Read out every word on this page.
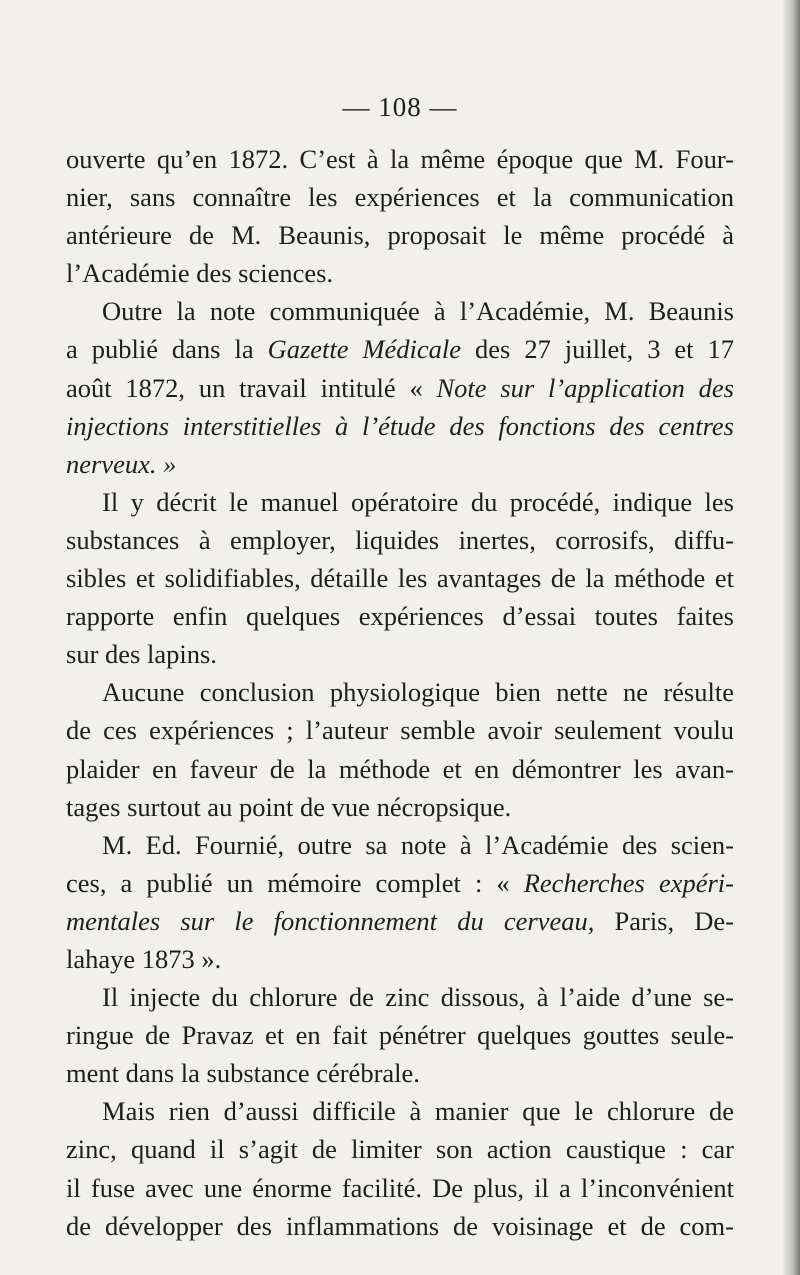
— 108 —

ouverte qu’en 1872. C’est à la même époque que M. Four-
nier, sans connaître les expériences et la communication
antérieure de M. Beaunis, proposait le même procédé à
l’Académie des sciences.

Outre la note communiquée à l’Académie, M. Beaunis
a publié dans la Gazette Médicale des 27 juillet, 3 et 17
août 1872, un travail intitulé « Note sur l’application des
injections interstitielles à l’étude des fonctions des centres
nerveux. »

Il y décrit le manuel opératoire du procédé, indique les
substances à employer, liquides inertes, corrosifs, diffu-
sibles et solidifiables, détaille les avantages de la méthode et
rapporte enfin quelques expériences d’essai toutes faites
sur des lapins.

Aucune conclusion physiologique bien nette ne résulte
de ces expériences ; l’auteur semble avoir seulement voulu
plaider en faveur de la méthode et en démontrer les avan-
tages surtout au point de vue nécropsique.

M. Ed. Fournié, outre sa note à l’Académie des scien-
ces, a publié un mémoire complet : « Recherches expéri-
mentales sur le fonctionnement du cerveau, Paris, De-
lahaye 1873 ».

Il injecte du chlorure de zinc dissous, à l’aide d’une se-
ringue de Pravaz et en fait pénétrer quelques gouttes seule-
ment dans la substance cérébrale.

Mais rien d’aussi difficile à manier que le chlorure de
zinc, quand il s’agit de limiter son action caustique : car
il fuse avec une énorme facilité. De plus, il a l’inconvénient
de développer des inflammations de voisinage et de com-
